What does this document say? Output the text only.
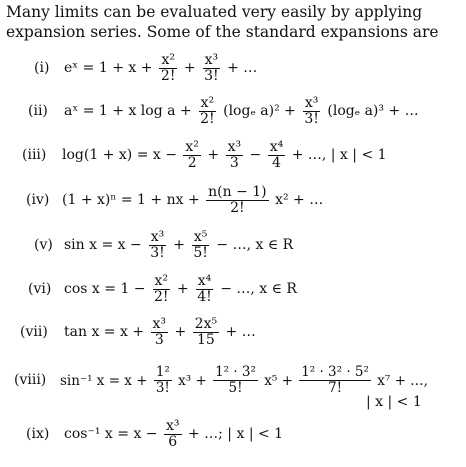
Many limits can be evaluated very easily by applying expansion series. Some of the standard expansions are
(i) eˣ = $1 + x + \frac{\text{x²}}{2!} + \frac{\text{x³}}{3!}$ + …
(ii) aˣ = 1 + x $\log a + \frac{\text{x²}}{2!} (\log_e$ $a)^2 + \frac{\text{x³}}{3!} (\log_e$ a)³ + …
(iii) $\log(1 + x) = x - \frac{\text{x²}}{2} + \frac{\text{x³}}{3} - \frac{\text{x⁴}}{4}$ + …, | x | < 1
(iv) (1 + x)ⁿ = 1 + nx + $\frac{n(n - 1)}{2!} x^2$ + …
(v) $\sin x = x - \frac{\text{x³}}{3!} + \frac{\text{x⁵}}{5!}$ − …, x ∈ R
(vi) $\cos x = 1 - \frac{\text{x²}}{2!} + \frac{\text{x⁴}}{4!}$ − …, x ∈ R
(vii) $\tan x = x + \frac{\text{x³}}{3} + \frac{\text{2x⁵}}{15}$ + …
(viii) sin⁻¹ $x = x + \frac{\text{1²}}{3!} x^3 + \frac{\text{1² · 3²}}{5!} x^5 + \frac{\text{1² · 3² · 5²}}{7!} x^7$ + …,
| x | < 1
(ix) cos⁻¹ $x = x - \frac{\text{x³}}{6}$ + …; | x | < 1
